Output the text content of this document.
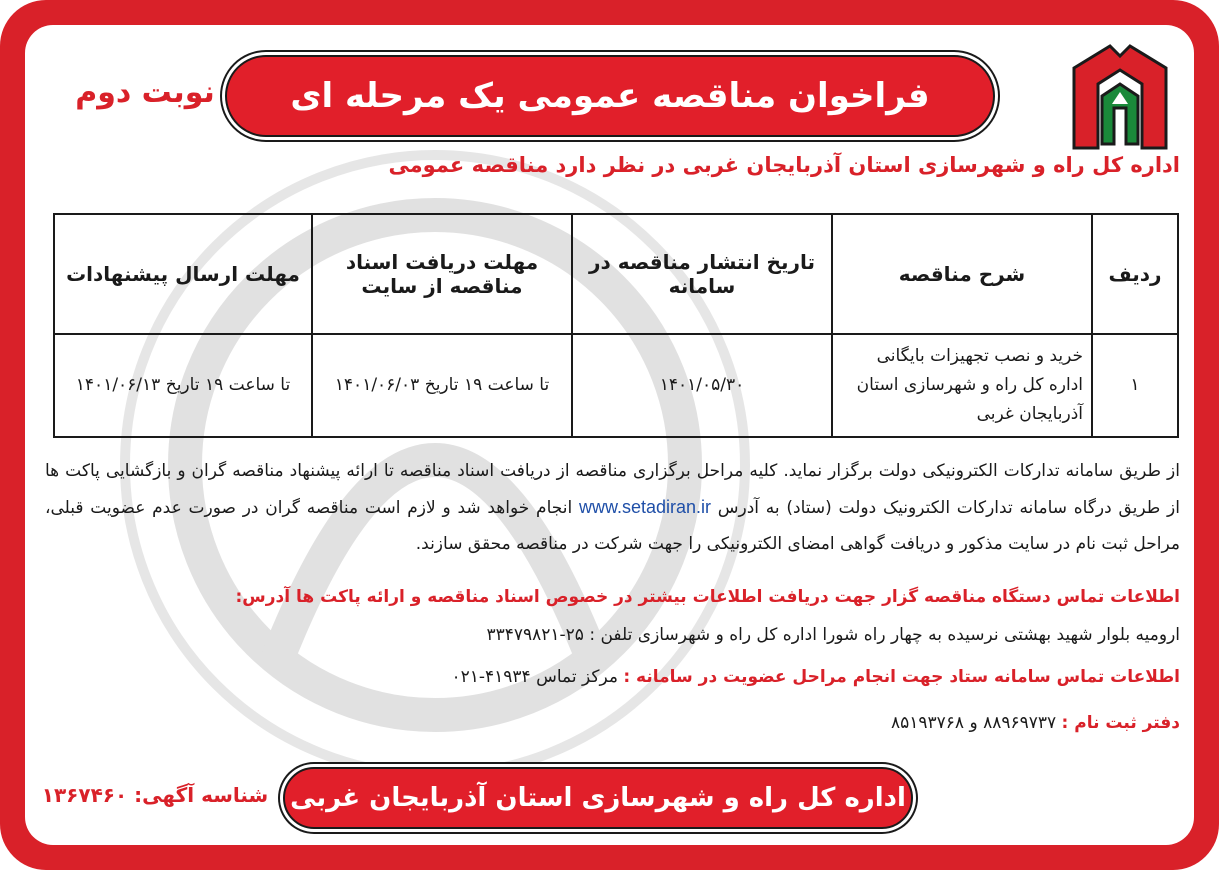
فراخوان مناقصه عمومی یک مرحله ای
نوبت دوم
اداره کل راه و شهرسازی استان آذربایجان غربی در نظر دارد مناقصه عمومی
ردیف	شرح مناقصه	تاریخ انتشار مناقصه در سامانه	مهلت دریافت اسناد مناقصه از سایت	مهلت ارسال پیشنهادات
۱	خرید و نصب تجهیزات بایگانی اداره کل راه و شهرسازی استان آذربایجان غربی	۱۴۰۱/۰۵/۳۰	تا ساعت ۱۹ تاریخ ۱۴۰۱/۰۶/۰۳	تا ساعت ۱۹ تاریخ ۱۴۰۱/۰۶/۱۳
از طریق سامانه تدارکات الکترونیکی دولت برگزار نماید. کلیه مراحل برگزاری مناقصه از دریافت اسناد مناقصه تا ارائه پیشنهاد مناقصه گران و بازگشایی پاکت ها از طریق درگاه سامانه تدارکات الکترونیک دولت (ستاد) به آدرس www.setadiran.ir انجام خواهد شد و لازم است مناقصه گران در صورت عدم عضویت قبلی، مراحل ثبت نام در سایت مذکور و دریافت گواهی امضای الکترونیکی را جهت شرکت در مناقصه محقق سازند.
اطلاعات تماس دستگاه مناقصه گزار جهت دریافت اطلاعات بیشتر در خصوص اسناد مناقصه و ارائه پاکت ها آدرس:
ارومیه بلوار شهید بهشتی نرسیده به چهار راه شورا اداره کل راه و شهرسازی تلفن : ۲۵-۳۳۴۷۹۸۲۱
اطلاعات تماس سامانه ستاد جهت انجام مراحل عضویت در سامانه : مرکز تماس ۴۱۹۳۴-۰۲۱
دفتر ثبت نام : ۸۸۹۶۹۷۳۷ و ۸۵۱۹۳۷۶۸
اداره کل راه و شهرسازی استان آذربایجان غربی
شناسه آگهی: ۱۳۶۷۴۶۰
